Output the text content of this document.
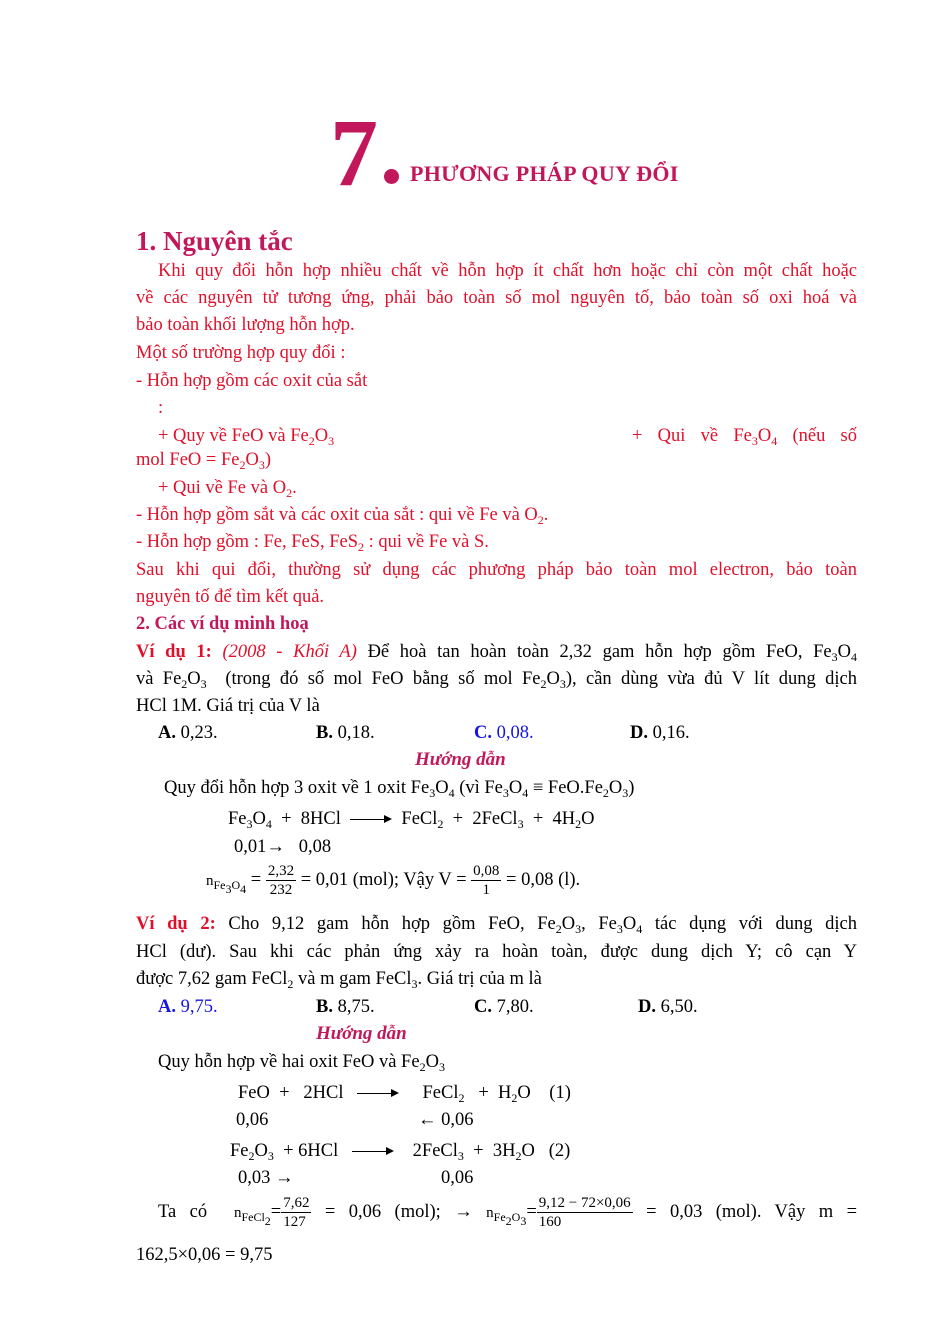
7 PHƯƠNG PHÁP QUY ĐỔI
1. Nguyên tắc
Khi quy đổi hỗn hợp nhiều chất về hỗn hợp ít chất hơn hoặc chỉ còn một chất hoặc
về các nguyên tử tương ứng, phải bảo toàn số mol nguyên tố, bảo toàn số oxi hoá và
bảo toàn khối lượng hỗn hợp.
Một số trường hợp quy đổi :
- Hỗn hợp gồm các oxit của sắt
:
+ Quy về FeO và $Fe_2O_3$	+  Qui  về  $Fe_3O_4$  (nếu  số
mol FeO = $Fe_2O_3$)
+ Qui về Fe và $O_2$.
- Hỗn hợp gồm sắt và các oxit của sắt : qui về Fe và $O_2$.
- Hỗn hợp gồm : Fe, FeS, FeS$_2$ : qui về Fe và S.
Sau khi qui đổi, thường sử dụng các phương pháp bảo toàn mol electron, bảo toàn
nguyên tố để tìm kết quả.
2. Các ví dụ minh hoạ
Ví dụ 1: (2008 - Khối A) Để hoà tan hoàn toàn 2,32 gam hỗn hợp gồm FeO, $Fe_3O_4$
và $Fe_2O_3$ (trong đó số mol FeO bằng số mol $Fe_2O_3$), cần dùng vừa đủ V lít dung dịch
HCl 1M. Giá trị của V là
A. 0,23.	B. 0,18.	C. 0,08.	D. 0,16.
Hướng dẫn
Quy đổi hỗn hợp 3 oxit về 1 oxit $Fe_3O_4$ (vì $Fe_3O_4 \equiv FeO.Fe_2O_3$)
$Fe_3O_4 + 8HCl$    FeCl$_2$  +  2FeCl$_3$  +  $4H_2O$
0,01→ 0,08
$n_{Fe_3O_4} = \frac{2,32}{232} = 0,01$ (mol); Vậy $V = \frac{0,08}{1} = 0,08$ (l).
Ví dụ 2: Cho 9,12 gam hỗn hợp gồm FeO, $Fe_2O_3$, $Fe_3O_4$ tác dụng với dung dịch
HCl (dư). Sau khi các phản ứng xảy ra hoàn toàn, được dung dịch Y; cô cạn Y
được 7,62 gam FeCl$_2$ và m gam FeCl$_3$. Giá trị của m là
A. 9,75.	B. 8,75.	C. 7,80.	D. 6,50.
Hướng dẫn
Quy hỗn hợp về hai oxit FeO và $Fe_2O_3$
FeO  +   2HCl        FeCl$_2$   +  $H_2O$    (1)
0,06	← 0,06
$Fe_2O_3 + 6HCl$       2FeCl$_3$  +  $3H_2O$   (2)
0,03 →	0,06
Ta có $n_{FeCl_2}= \frac{7,62}{127} = 0,06$ (mol); → $n_{Fe_2O_3}= \frac{9,12 - 72\times 0,06}{160} = 0,03$ (mol). Vậy m =
162,5×0,06 = 9,75
